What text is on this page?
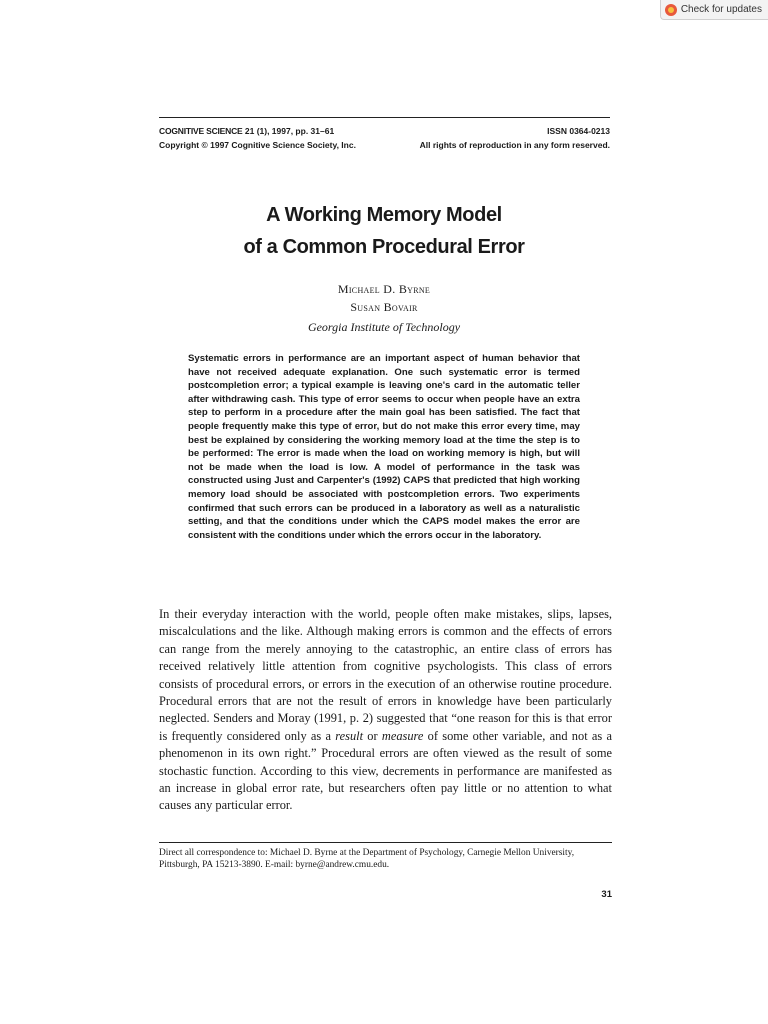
Check for updates
COGNITIVE SCIENCE 21 (1), 1997, pp. 31–61	ISSN 0364-0213
Copyright © 1997 Cognitive Science Society, Inc.	All rights of reproduction in any form reserved.
A Working Memory Model
of a Common Procedural Error
Michael D. Byrne
Susan Bovair
Georgia Institute of Technology
Systematic errors in performance are an important aspect of human behavior that have not received adequate explanation. One such systematic error is termed postcompletion error; a typical example is leaving one's card in the automatic teller after withdrawing cash. This type of error seems to occur when people have an extra step to perform in a procedure after the main goal has been satisfied. The fact that people frequently make this type of error, but do not make this error every time, may best be explained by considering the working memory load at the time the step is to be performed: The error is made when the load on working memory is high, but will not be made when the load is low. A model of performance in the task was constructed using Just and Carpenter's (1992) CAPS that predicted that high working memory load should be associated with postcompletion errors. Two experiments confirmed that such errors can be produced in a laboratory as well as a naturalistic setting, and that the conditions under which the CAPS model makes the error are consistent with the conditions under which the errors occur in the laboratory.
In their everyday interaction with the world, people often make mistakes, slips, lapses, miscalculations and the like. Although making errors is common and the effects of errors can range from the merely annoying to the catastrophic, an entire class of errors has received relatively little attention from cognitive psychologists. This class of errors consists of procedural errors, or errors in the execution of an otherwise routine procedure. Procedural errors that are not the result of errors in knowledge have been particularly neglected. Senders and Moray (1991, p. 2) suggested that “one reason for this is that error is frequently considered only as a result or measure of some other variable, and not as a phenomenon in its own right.” Procedural errors are often viewed as the result of some stochastic function. According to this view, decrements in performance are manifested as an increase in global error rate, but researchers often pay little or no attention to what causes any particular error.
Direct all correspondence to: Michael D. Byrne at the Department of Psychology, Carnegie Mellon University, Pittsburgh, PA 15213-3890. E-mail: byrne@andrew.cmu.edu.
31
